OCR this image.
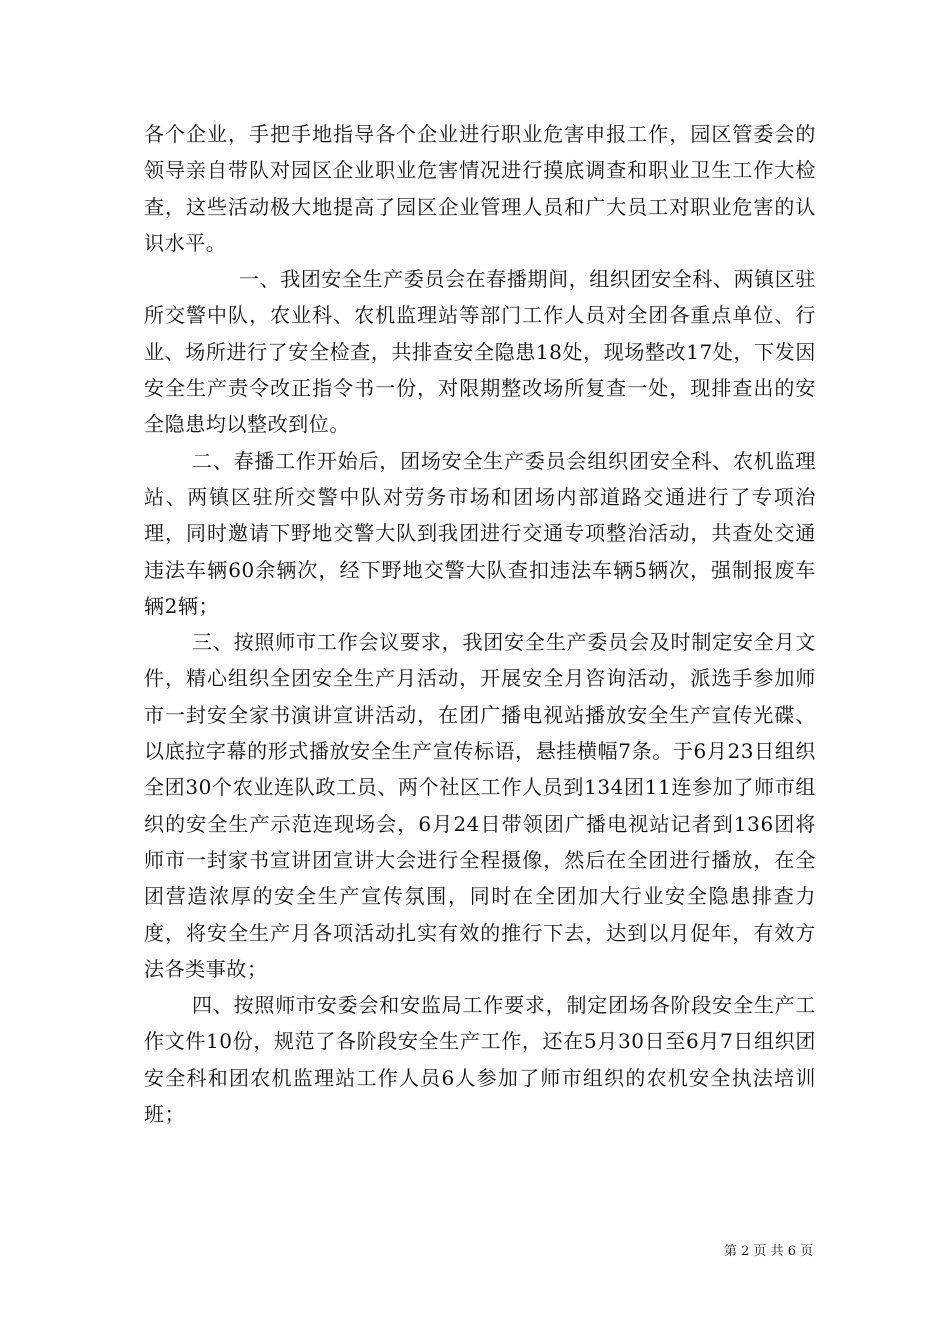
各个企业，手把手地指导各个企业进行职业危害申报工作，园区管委会的领导亲自带队对园区企业职业危害情况进行摸底调查和职业卫生工作大检查，这些活动极大地提高了园区企业管理人员和广大员工对职业危害的认识水平。

一、我团安全生产委员会在春播期间，组织团安全科、两镇区驻所交警中队，农业科、农机监理站等部门工作人员对全团各重点单位、行业、场所进行了安全检查，共排查安全隐患18处，现场整改17处，下发因安全生产责令改正指令书一份，对限期整改场所复查一处，现排查出的安全隐患均以整改到位。

二、春播工作开始后，团场安全生产委员会组织团安全科、农机监理站、两镇区驻所交警中队对劳务市场和团场内部道路交通进行了专项治理，同时邀请下野地交警大队到我团进行交通专项整治活动，共查处交通违法车辆60余辆次，经下野地交警大队查扣违法车辆5辆次，强制报废车辆2辆；

三、按照师市工作会议要求，我团安全生产委员会及时制定安全月文件，精心组织全团安全生产月活动，开展安全月咨询活动，派选手参加师市一封安全家书演讲宣讲活动，在团广播电视站播放安全生产宣传光碟、以底拉字幕的形式播放安全生产宣传标语，悬挂横幅7条。于6月23日组织全团30个农业连队政工员、两个社区工作人员到134团11连参加了师市组织的安全生产示范连现场会，6月24日带领团广播电视站记者到136团将师市一封家书宣讲团宣讲大会进行全程摄像，然后在全团进行播放，在全团营造浓厚的安全生产宣传氛围，同时在全团加大行业安全隐患排查力度，将安全生产月各项活动扎实有效的推行下去，达到以月促年，有效方法各类事故；

四、按照师市安委会和安监局工作要求，制定团场各阶段安全生产工作文件10份，规范了各阶段安全生产工作，还在5月30日至6月7日组织团安全科和团农机监理站工作人员6人参加了师市组织的农机安全执法培训班；

第 2 页 共 6 页
